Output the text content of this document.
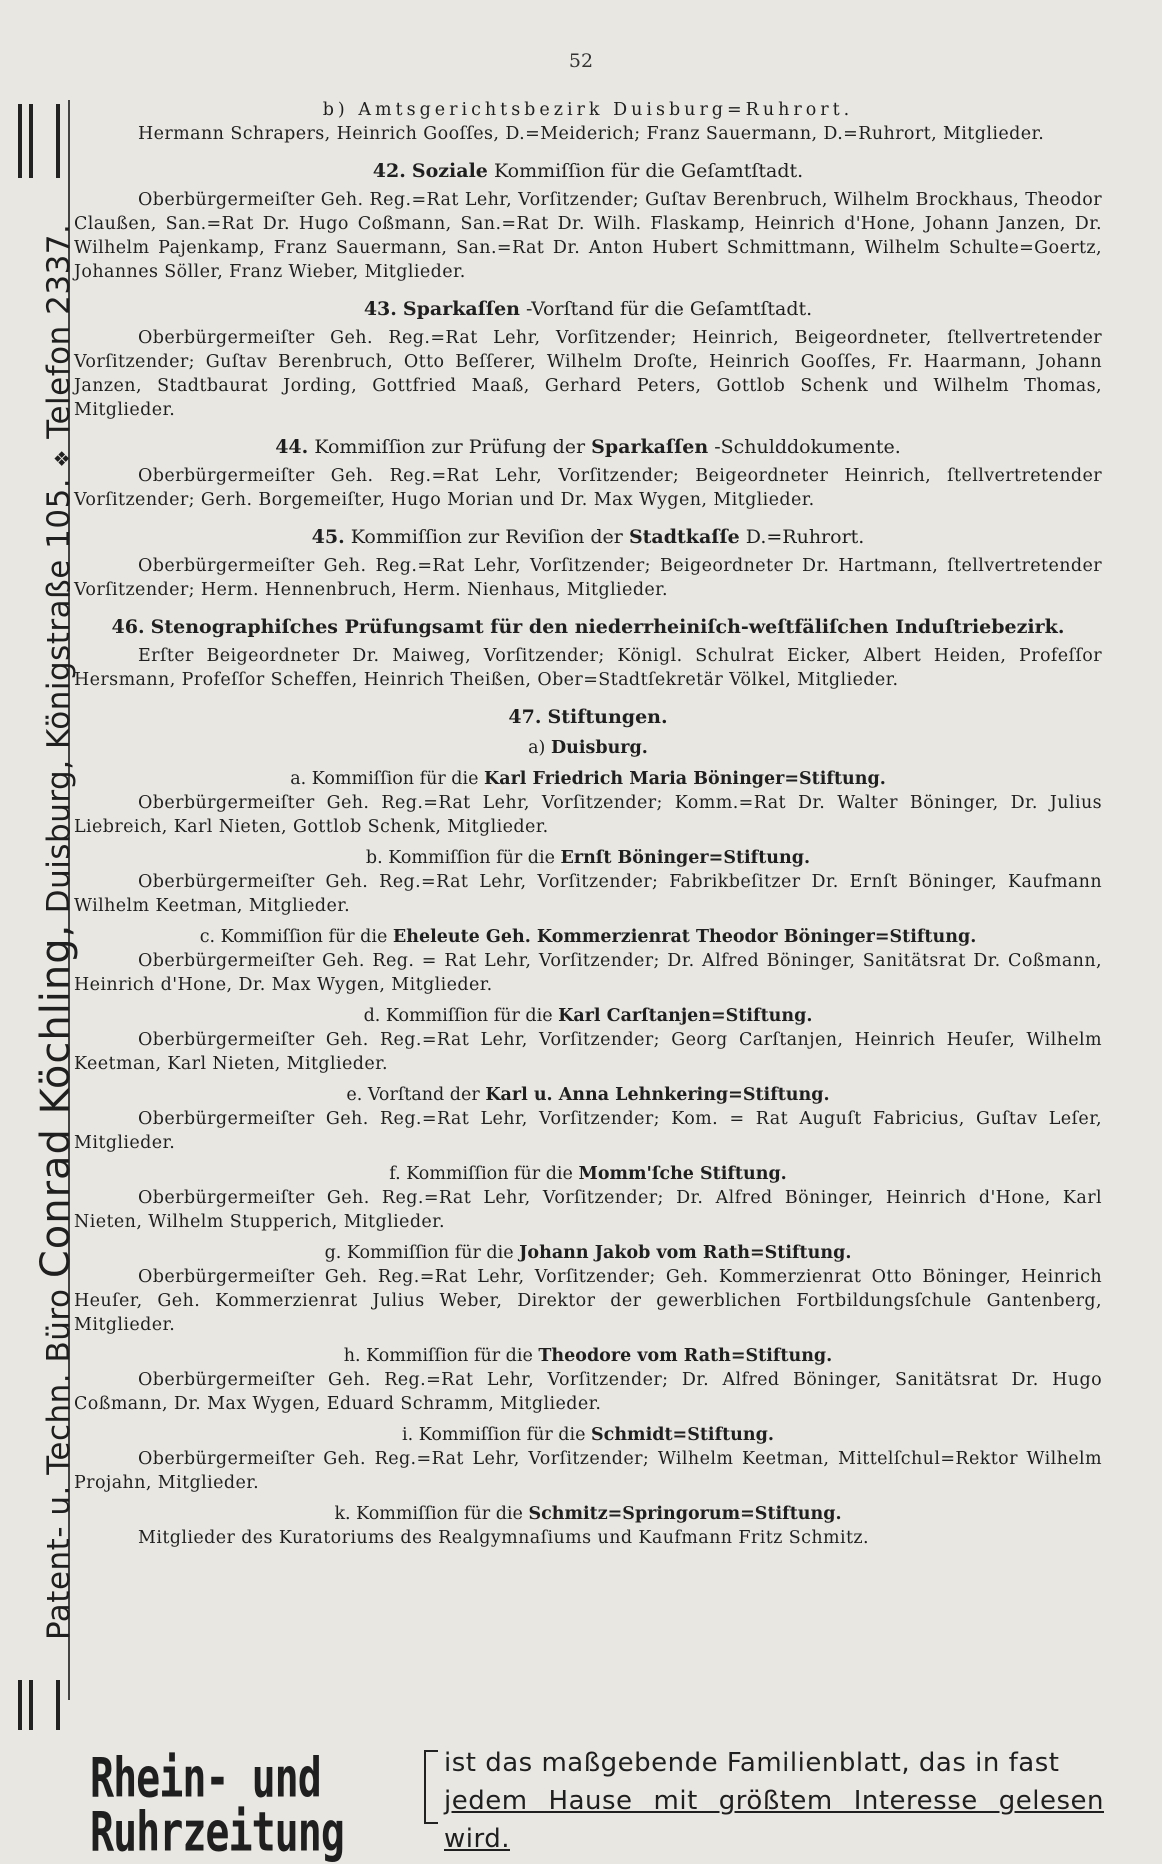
52
Patent- u. Techn. Büro Conrad Köchling, Duisburg, Königstraße 105. ❖ Telefon 2337.
b) Amtsgerichtsbezirk Duisburg=Ruhrort.

Hermann Schrapers, Heinrich Gooſſes, D.=Meiderich; Franz Sauermann, D.=Ruhrort, Mitglieder.

42. Soziale Kommiſſion für die Geſamtſtadt.

Oberbürgermeiſter Geh. Reg.=Rat Lehr, Vorſitzender; Guſtav Berenbruch, Wilhelm Brockhaus, Theodor Claußen, San.=Rat Dr. Hugo Coßmann, San.=Rat Dr. Wilh. Flaskamp, Heinrich d'Hone, Johann Janzen, Dr. Wilhelm Pajenkamp, Franz Sauermann, San.=Rat Dr. Anton Hubert Schmittmann, Wilhelm Schulte=Goertz, Johannes Söller, Franz Wieber, Mitglieder.

43. Sparkaſſen -Vorſtand für die Geſamtſtadt.

Oberbürgermeiſter Geh. Reg.=Rat Lehr, Vorſitzender; Heinrich, Beigeordneter, ſtellvertretender Vorſitzender; Guſtav Berenbruch, Otto Beſſerer, Wilhelm Droſte, Heinrich Gooſſes, Fr. Haarmann, Johann Janzen, Stadtbaurat Jording, Gottfried Maaß, Gerhard Peters, Gottlob Schenk und Wilhelm Thomas, Mitglieder.

44. Kommiſſion zur Prüfung der Sparkaſſen -Schulddokumente.

Oberbürgermeiſter Geh. Reg.=Rat Lehr, Vorſitzender; Beigeordneter Heinrich, ſtellvertretender Vorſitzender; Gerh. Borgemeiſter, Hugo Morian und Dr. Max Wygen, Mitglieder.

45. Kommiſſion zur Reviſion der Stadtkaſſe D.=Ruhrort.

Oberbürgermeiſter Geh. Reg.=Rat Lehr, Vorſitzender; Beigeordneter Dr. Hartmann, ſtellvertretender Vorſitzender; Herm. Hennenbruch, Herm. Nienhaus, Mitglieder.

46. Stenographiſches Prüfungsamt für den niederrheiniſch-weſtfäliſchen Induſtriebezirk.

Erſter Beigeordneter Dr. Maiweg, Vorſitzender; Königl. Schulrat Eicker, Albert Heiden, Profeſſor Hersmann, Profeſſor Scheffen, Heinrich Theißen, Ober=Stadtſekretär Völkel, Mitglieder.

47. Stiftungen.
a) Duisburg.
a. Kommiſſion für die Karl Friedrich Maria Böninger=Stiftung.

Oberbürgermeiſter Geh. Reg.=Rat Lehr, Vorſitzender; Komm.=Rat Dr. Walter Böninger, Dr. Julius Liebreich, Karl Nieten, Gottlob Schenk, Mitglieder.

b. Kommiſſion für die Ernſt Böninger=Stiftung.

Oberbürgermeiſter Geh. Reg.=Rat Lehr, Vorſitzender; Fabrikbeſitzer Dr. Ernſt Böninger, Kaufmann Wilhelm Keetman, Mitglieder.

c. Kommiſſion für die Eheleute Geh. Kommerzienrat Theodor Böninger=Stiftung.

Oberbürgermeiſter Geh. Reg. = Rat Lehr, Vorſitzender; Dr. Alfred Böninger, Sanitätsrat Dr. Coßmann, Heinrich d'Hone, Dr. Max Wygen, Mitglieder.

d. Kommiſſion für die Karl Carſtanjen=Stiftung.

Oberbürgermeiſter Geh. Reg.=Rat Lehr, Vorſitzender; Georg Carſtanjen, Heinrich Heuſer, Wilhelm Keetman, Karl Nieten, Mitglieder.

e. Vorſtand der Karl u. Anna Lehnkering=Stiftung.

Oberbürgermeiſter Geh. Reg.=Rat Lehr, Vorſitzender; Kom. = Rat Auguſt Fabricius, Guſtav Leſer, Mitglieder.

f. Kommiſſion für die Momm'ſche Stiftung.

Oberbürgermeiſter Geh. Reg.=Rat Lehr, Vorſitzender; Dr. Alfred Böninger, Heinrich d'Hone, Karl Nieten, Wilhelm Stupperich, Mitglieder.

g. Kommiſſion für die Johann Jakob vom Rath=Stiftung.

Oberbürgermeiſter Geh. Reg.=Rat Lehr, Vorſitzender; Geh. Kommerzienrat Otto Böninger, Heinrich Heuſer, Geh. Kommerzienrat Julius Weber, Direktor der gewerblichen Fortbildungsſchule Gantenberg, Mitglieder.

h. Kommiſſion für die Theodore vom Rath=Stiftung.

Oberbürgermeiſter Geh. Reg.=Rat Lehr, Vorſitzender; Dr. Alfred Böninger, Sanitätsrat Dr. Hugo Coßmann, Dr. Max Wygen, Eduard Schramm, Mitglieder.

i. Kommiſſion für die Schmidt=Stiftung.

Oberbürgermeiſter Geh. Reg.=Rat Lehr, Vorſitzender; Wilhelm Keetman, Mittelſchul=Rektor Wilhelm Projahn, Mitglieder.

k. Kommiſſion für die Schmitz=Springorum=Stiftung.

Mitglieder des Kuratoriums des Realgymnaſiums und Kaufmann Fritz Schmitz.

Rhein- und Ruhrzeitung
ist das maßgebende Familienblatt, das in fast
jedem Hause mit größtem Interesse gelesen wird.
